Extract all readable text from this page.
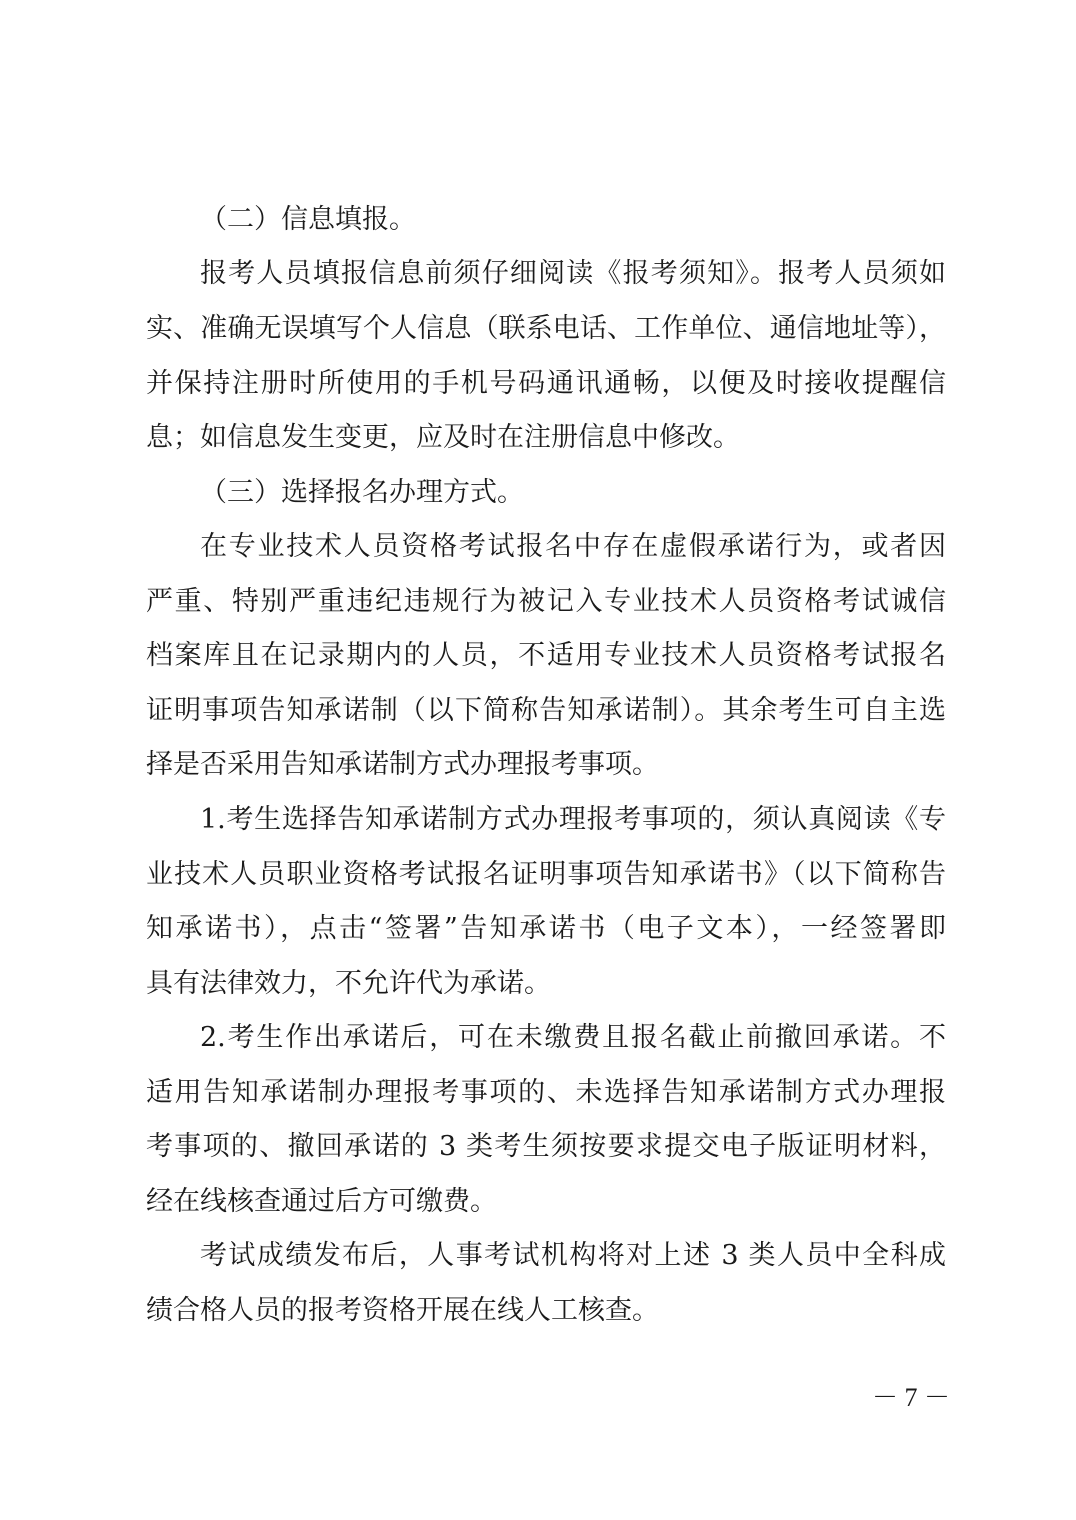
（二）信息填报。
报考人员填报信息前须仔细阅读《报考须知》。报考人员须如
实、准确无误填写个人信息（联系电话、工作单位、通信地址等），
并保持注册时所使用的手机号码通讯通畅，以便及时接收提醒信
息；如信息发生变更，应及时在注册信息中修改。
（三）选择报名办理方式。
在专业技术人员资格考试报名中存在虚假承诺行为，或者因
严重、特别严重违纪违规行为被记入专业技术人员资格考试诚信
档案库且在记录期内的人员，不适用专业技术人员资格考试报名
证明事项告知承诺制（以下简称告知承诺制）。其余考生可自主选
择是否采用告知承诺制方式办理报考事项。
1.考生选择告知承诺制方式办理报考事项的，须认真阅读《专
业技术人员职业资格考试报名证明事项告知承诺书》（以下简称告
知承诺书），点击“签署”告知承诺书（电子文本），一经签署即
具有法律效力，不允许代为承诺。
2.考生作出承诺后，可在未缴费且报名截止前撤回承诺。不
适用告知承诺制办理报考事项的、未选择告知承诺制方式办理报
考事项的、撤回承诺的 3 类考生须按要求提交电子版证明材料，
经在线核查通过后方可缴费。
考试成绩发布后，人事考试机构将对上述 3 类人员中全科成
绩合格人员的报考资格开展在线人工核查。
－ 7 －
